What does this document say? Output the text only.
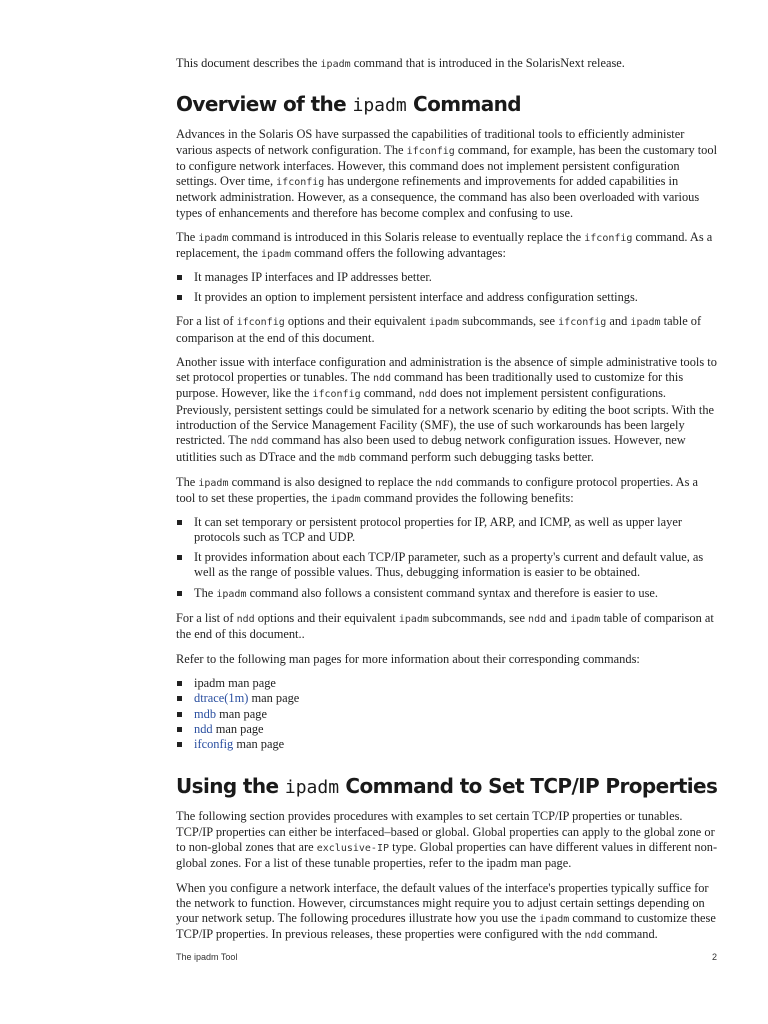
This document describes the ipadm command that is introduced in the SolarisNext release.

Overview of the ipadm Command

Advances in the Solaris OS have surpassed the capabilities of traditional tools to efficiently administer various aspects of network configuration. The ifconfig command, for example, has been the customary tool to configure network interfaces. However, this command does not implement persistent configuration settings. Over time, ifconfig has undergone refinements and improvements for added capabilities in network administration. However, as a consequence, the command has also been overloaded with various types of enhancements and therefore has become complex and confusing to use.

The ipadm command is introduced in this Solaris release to eventually replace the ifconfig command. As a replacement, the ipadm command offers the following advantages:

It manages IP interfaces and IP addresses better.
It provides an option to implement persistent interface and address configuration settings.

For a list of ifconfig options and their equivalent ipadm subcommands, see ifconfig and ipadm table of comparison at the end of this document.

Another issue with interface configuration and administration is the absence of simple administrative tools to set protocol properties or tunables. The ndd command has been traditionally used to customize for this purpose. However, like the ifconfig command, ndd does not implement persistent configurations. Previously, persistent settings could be simulated for a network scenario by editing the boot scripts. With the introduction of the Service Management Facility (SMF), the use of such workarounds has been largely restricted. The ndd command has also been used to debug network configuration issues. However, new utitlities such as DTrace and the mdb command perform such debugging tasks better.

The ipadm command is also designed to replace the ndd commands to configure protocol properties. As a tool to set these properties, the ipadm command provides the following benefits:

It can set temporary or persistent protocol properties for IP, ARP, and ICMP, as well as upper layer protocols such as TCP and UDP.
It provides information about each TCP/IP parameter, such as a property's current and default value, as well as the range of possible values. Thus, debugging information is easier to be obtained.
The ipadm command also follows a consistent command syntax and therefore is easier to use.

For a list of ndd options and their equivalent ipadm subcommands, see ndd and ipadm table of comparison at the end of this document..

Refer to the following man pages for more information about their corresponding commands:

ipadm man page
dtrace(1m) man page
mdb man page
ndd man page
ifconfig man page
Using the ipadm Command to Set TCP/IP Properties

The following section provides procedures with examples to set certain TCP/IP properties or tunables. TCP/IP properties can either be interfaced–based or global. Global properties can apply to the global zone or to non-global zones that are exclusive-IP type. Global properties can have different values in different non-global zones. For a list of these tunable properties, refer to the ipadm man page.

When you configure a network interface, the default values of the interface's properties typically suffice for the network to function. However, circumstances might require you to adjust certain settings depending on your network setup. The following procedures illustrate how you use the ipadm command to customize these TCP/IP properties. In previous releases, these properties were configured with the ndd command.

The ipadm Tool	2
